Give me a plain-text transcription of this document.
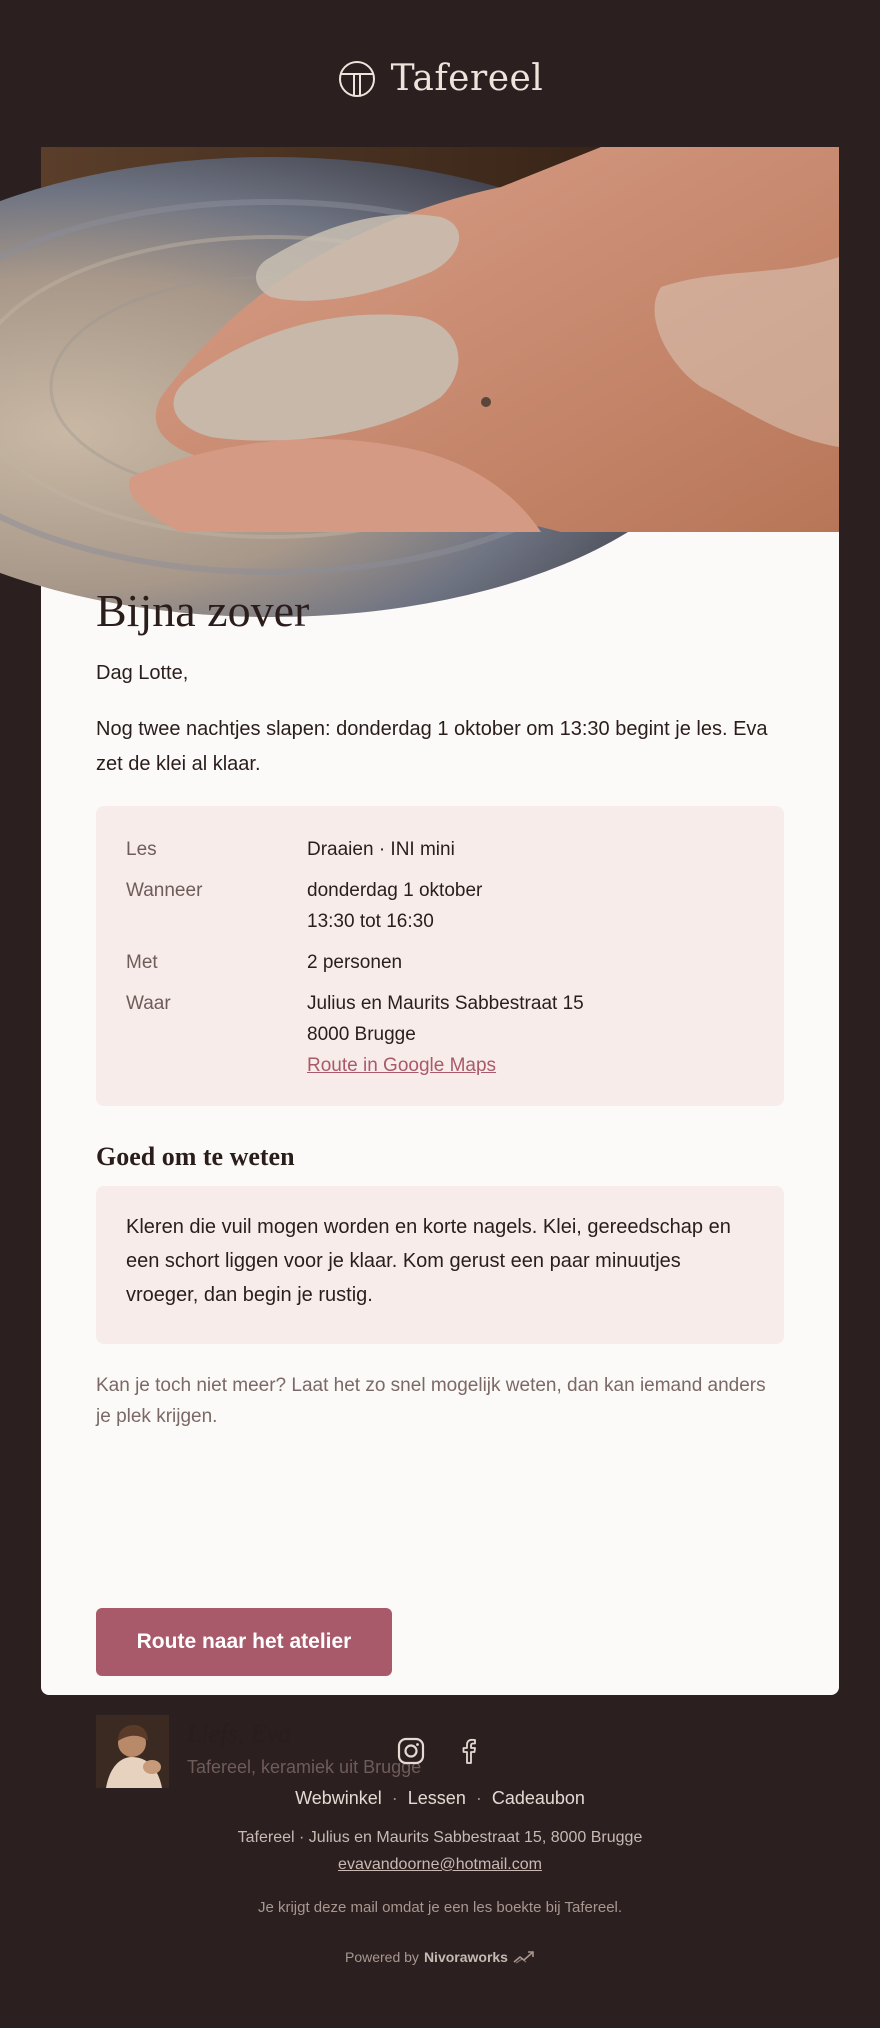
Tafereel
Bijna zover

Dag Lotte,

Nog twee nachtjes slapen: donderdag 1 oktober om 13:30 begint je les. Eva zet de klei al klaar.

Les	Draaien · INI mini
Wanneer	donderdag 1 oktober
13:30 tot 16:30
Met	2 personen
Waar	Julius en Maurits Sabbestraat 15
8000 Brugge
Route in Google Maps
Goed om te weten

Kleren die vuil mogen worden en korte nagels. Klei, gereedschap en een schort liggen voor je klaar. Kom gerust een paar minuutjes vroeger, dan begin je rustig.

Kan je toch niet meer? Laat het zo snel mogelijk weten, dan kan iemand anders je plek krijgen.

Route naar het atelier
Liefs, Eva
Tafereel, keramiek uit Brugge
Webwinkel · Lessen · Cadeaubon
Tafereel · Julius en Maurits Sabbestraat 15, 8000 Brugge
evavandoorne@hotmail.com
Je krijgt deze mail omdat je een les boekte bij Tafereel.
Powered by Nivoraworks
